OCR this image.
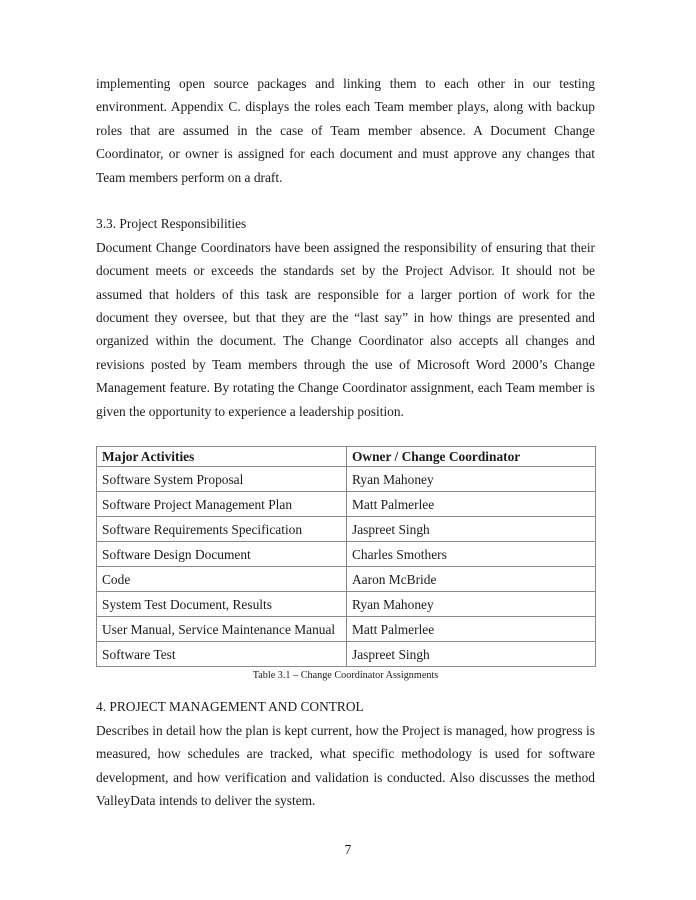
implementing open source packages and linking them to each other in our testing environment. Appendix C. displays the roles each Team member plays, along with backup roles that are assumed in the case of Team member absence. A Document Change Coordinator, or owner is assigned for each document and must approve any changes that Team members perform on a draft.

3.3. Project Responsibilities

Document Change Coordinators have been assigned the responsibility of ensuring that their document meets or exceeds the standards set by the Project Advisor. It should not be assumed that holders of this task are responsible for a larger portion of work for the document they oversee, but that they are the “last say” in how things are presented and organized within the document. The Change Coordinator also accepts all changes and revisions posted by Team members through the use of Microsoft Word 2000’s Change Management feature. By rotating the Change Coordinator assignment, each Team member is given the opportunity to experience a leadership position.

Major Activities	Owner / Change Coordinator
Software System Proposal	Ryan Mahoney
Software Project Management Plan	Matt Palmerlee
Software Requirements Specification	Jaspreet Singh
Software Design Document	Charles Smothers
Code	Aaron McBride
System Test Document, Results	Ryan Mahoney
User Manual, Service Maintenance Manual	Matt Palmerlee
Software Test	Jaspreet Singh

Table 3.1 – Change Coordinator Assignments

4. PROJECT MANAGEMENT AND CONTROL

Describes in detail how the plan is kept current, how the Project is managed, how progress is measured, how schedules are tracked, what specific methodology is used for software development, and how verification and validation is conducted. Also discusses the method ValleyData intends to deliver the system.

7
